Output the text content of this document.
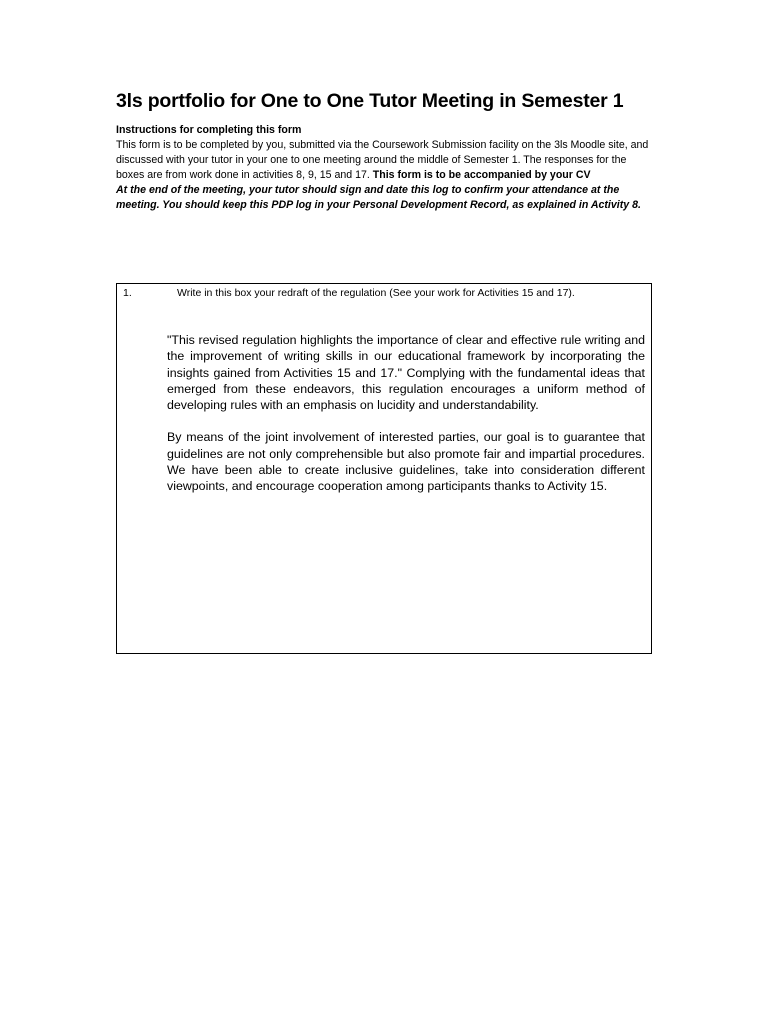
3ls portfolio for One to One Tutor Meeting in Semester 1
Instructions for completing this form
This form is to be completed by you, submitted via the Coursework Submission facility on the 3ls Moodle site, and discussed with your tutor in your one to one meeting around the middle of Semester 1. The responses for the boxes are from work done in activities 8, 9, 15 and 17. This form is to be accompanied by your CV
At the end of the meeting, your tutor should sign and date this log to confirm your attendance at the meeting. You should keep this PDP log in your Personal Development Record, as explained in Activity 8.
1.	Write in this box your redraft of the regulation (See your work for Activities 15 and 17).

"This revised regulation highlights the importance of clear and effective rule writing and the improvement of writing skills in our educational framework by incorporating the insights gained from Activities 15 and 17." Complying with the fundamental ideas that emerged from these endeavors, this regulation encourages a uniform method of developing rules with an emphasis on lucidity and understandability.

By means of the joint involvement of interested parties, our goal is to guarantee that guidelines are not only comprehensible but also promote fair and impartial procedures. We have been able to create inclusive guidelines, take into consideration different viewpoints, and encourage cooperation among participants thanks to Activity 15.
